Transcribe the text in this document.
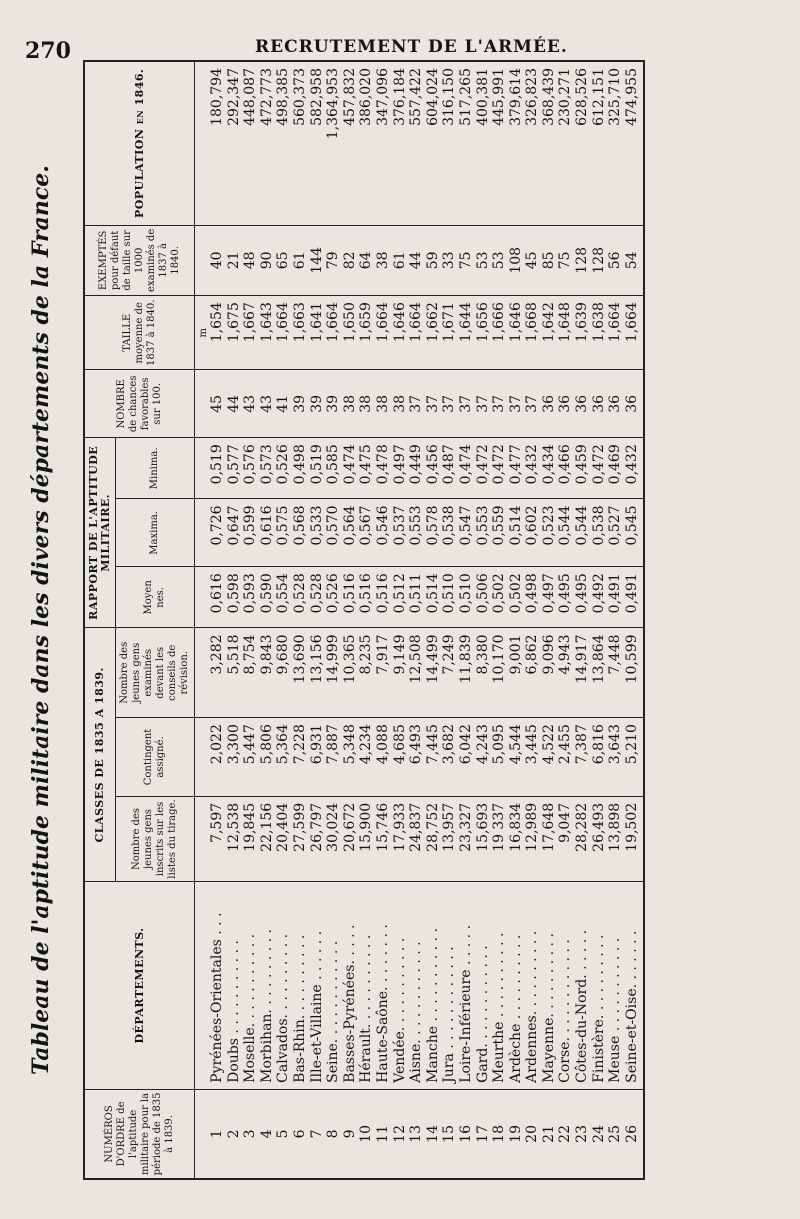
270	RECRUTEMENT DE L'ARMÉE.
Tableau de l'aptitude militaire dans les divers départements de la France.
NUMÉROS D'ORDRE de l'aptitude militaire pour la période de 1835 à 1839.	DÉPARTEMENTS.	CLASSES DE 1835 A 1839.			RAPPORT DE L'APTITUDE MILITAIRE.			NOMBRE de chances favorables sur 100.	TAILLE moyenne de 1837 à 1840.	EXEMPTÉS pour défaut de taille sur 1000 examinés de 1837 à 1840.	POPULATION en 1846.
		Nombre des jeunes gens inscrits sur les listes du tirage.	Contingent assigné.	Nombre des jeunes gens examinés devant les conseils de révision.	Moyen nes.	Maxima.	Minima.				
									m		
1	Pyrénées-Orientales . . .	7,597	2,022	3,282	0,616	0,726	0,519	45	1,654	40	180,794
2	Doubs . . . . . . . . . . .	12,538	3,300	5,518	0,598	0,647	0,577	44	1,675	21	292,347
3	Moselle. . . . . . . . . . .	19,845	5,447	8,754	0,593	0,599	0,576	43	1,667	48	448,087
4	Morbihan. . . . . . . . . .	22,156	5,806	9,843	0,590	0,616	0,573	43	1,643	90	472,773
5	Calvados. . . . . . . . . .	20,404	5,364	9,680	0,554	0,575	0,526	41	1,664	65	498,385
6	Bas-Rhin. . . . . . . . . .	27,599	7,228	13,690	0,528	0,568	0,498	39	1,663	61	560,373
7	Ille-et-Villaine . . . . . .	26,797	6,931	13,156	0,528	0,533	0,519	39	1,641	144	582,958
8	Seine. . . . . . . . . . . .	30,024	7,887	14,999	0,526	0,570	0,585	39	1,664	79	1,364,953
9	Basses-Pyrénées. . . . .	20,672	5,348	10,365	0,516	0,564	0,474	38	1,650	82	457,832
10	Hérault. . . . . . . . . . .	15,900	4,234	8,235	0,516	0,567	0,475	38	1,659	64	386,020
11	Haute-Saône. . . . . . . .	15,746	4,088	7,917	0,516	0,546	0,478	38	1,664	38	347,096
12	Vendée. . . . . . . . . . .	17,933	4,685	9,149	0,512	0,537	0,497	38	1,646	61	376,184
13	Aisne. . . . . . . . . . . .	24,837	6,493	12,508	0,511	0,553	0,449	37	1,664	44	557,422
14	Manche . . . . . . . . . . .	28,752	7,445	14,499	0,514	0,578	0,456	37	1,662	59	604,024
15	Jura . . . . . . . . . . . .	13,957	3,682	7,249	0,510	0,538	0,487	37	1,671	33	316,150
16	Loire-Inférieure . . . . .	23,327	6,042	11,839	0,510	0,547	0,474	37	1,644	75	517,265
17	Gard. . . . . . . . . . . .	15,693	4,243	8,380	0,506	0,553	0,472	37	1,656	53	400,381
18	Meurthe . . . . . . . . . .	19 337	5,095	10,170	0,502	0,559	0,472	37	1,666	53	445,991
19	Ardèche . . . . . . . . . .	16,834	4,544	9,001	0,502	0,514	0,477	37	1,646	108	379,614
20	Ardennes. . . . . . . . . .	12,989	3,445	6,862	0,498	0,602	0,432	37	1,668	45	326,823
21	Mayenne. . . . . . . . . .	17,648	4,522	9,096	0,497	0,523	0,434	36	1,642	85	368,439
22	Corse. . . . . . . . . . . .	9,047	2,455	4,943	0,495	0,544	0,466	36	1,648	75	230,271
23	Côtes-du-Nord. . . . . .	28,282	7,387	14,917	0,495	0,544	0,459	36	1,639	128	628,526
24	Finistère. . . . . . . . . .	26,493	6,816	13,864	0,492	0,538	0,472	36	1,638	128	612,151
25	Meuse . . . . . . . . . . .	13,898	3,643	7,448	0,491	0,527	0,469	36	1,664	56	325,710
26	Seine-et-Oise. . . . . . .	19,502	5,210	10,599	0,491	0,545	0,432	36	1,664	54	474,955
